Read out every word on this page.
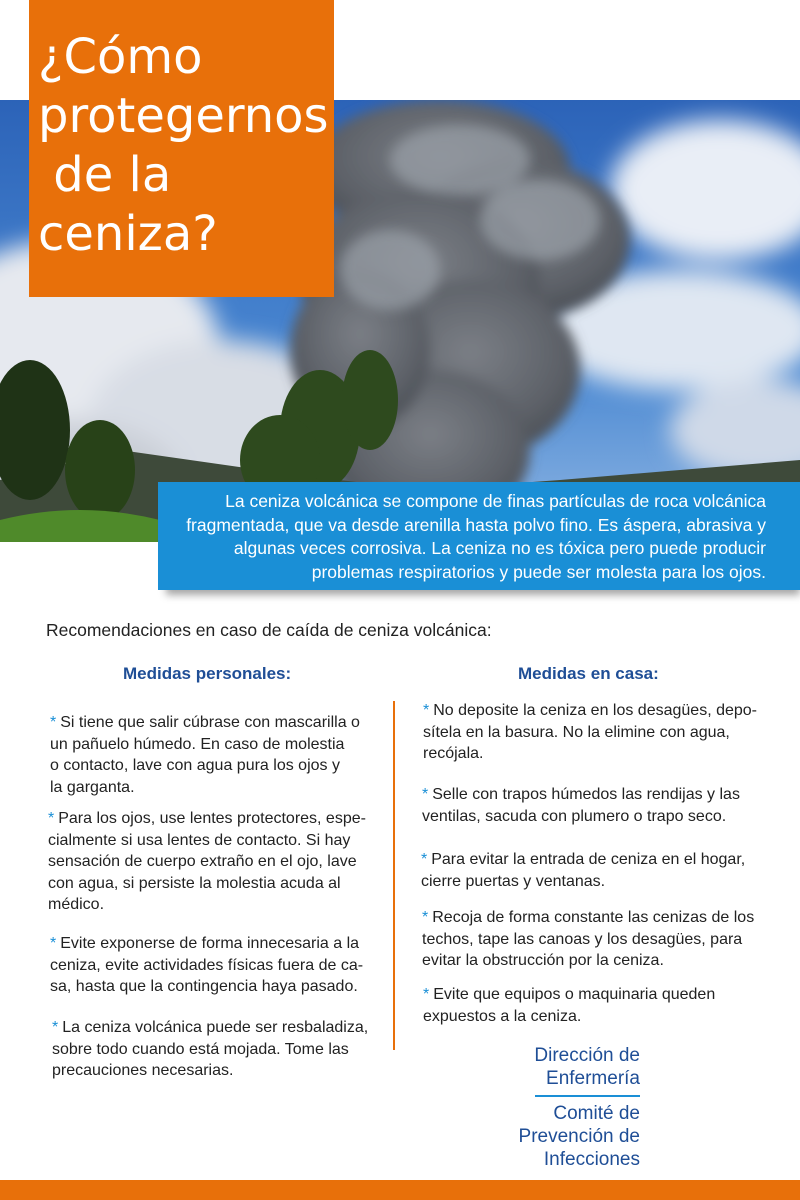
¿Cómo
protegernos
de la
ceniza?

La ceniza volcánica se compone de finas partículas de roca volcánica fragmentada, que va desde arenilla hasta polvo fino. Es áspera, abrasiva y algunas veces corrosiva. La ceniza no es tóxica pero puede producir problemas respiratorios y puede ser molesta para los ojos.

Recomendaciones en caso de caída de ceniza volcánica:
Medidas personales:	Medidas en casa:
* Si tiene que salir cúbrase con mascarilla o
un pañuelo húmedo. En caso de molestia
o contacto, lave con agua pura los ojos y
la garganta.
* Para los ojos, use lentes protectores, espe-
cialmente si usa lentes de contacto. Si hay
sensación de cuerpo extraño en el ojo, lave
con agua, si persiste la molestia acuda al
médico.
* Evite exponerse de forma innecesaria a la
ceniza, evite actividades físicas fuera de ca-
sa, hasta que la contingencia haya pasado.
* La ceniza volcánica puede ser resbaladiza,
sobre todo cuando está mojada. Tome las
precauciones necesarias.
* No deposite la ceniza en los desagües, depo-
sítela en la basura. No la elimine con agua,
recójala.
* Selle con trapos húmedos las rendijas y las
ventilas, sacuda con plumero o trapo seco.
* Para evitar la entrada de ceniza en el hogar,
cierre puertas y ventanas.
* Recoja de forma constante las cenizas de los
techos, tape las canoas y los desagües, para
evitar la obstrucción por la ceniza.
* Evite que equipos o maquinaria queden
expuestos a la ceniza.
Dirección de
Enfermería
Comité de
Prevención de
Infecciones
